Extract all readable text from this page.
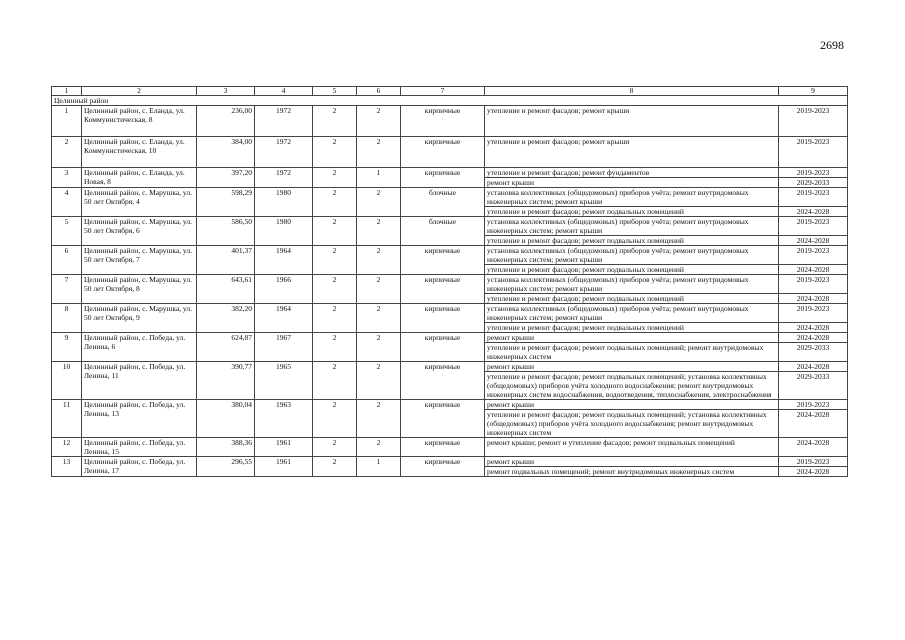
2698
1	2	3	4	5	6	7	8	9
Целинный район								
1	Целинный район, с. Еланда, ул. Коммунистическая, 8	236,00	1972	2	2	кирпичные	утепление и ремонт фасадов; ремонт крыши	2019-2023
2	Целинный район, с. Еланда, ул. Коммунистическая, 10	384,00	1972	2	2	кирпичные	утепление и ремонт фасадов; ремонт крыши	2019-2023
3	Целинный район, с. Еланда, ул. Новая, 8	397,20	1972	2	1	кирпичные	утепление и ремонт фасадов; ремонт фундаментов	2019-2023
							ремонт крыши	2029-2033
4	Целинный район, с. Марушка, ул. 50 лет Октября, 4	598,29	1980	2	2	блочные	установка коллективных (общедомовых) приборов учёта; ремонт внутридомовых инженерных систем; ремонт крыши	2019-2023
							утепление и ремонт фасадов; ремонт подвальных помещений	2024-2028
5	Целинный район, с. Марушка, ул. 50 лет Октября, 6	586,50	1980	2	2	блочные	установка коллективных (общедомовых) приборов учёта; ремонт внутридомовых инженерных систем; ремонт крыши	2019-2023
							утепление и ремонт фасадов; ремонт подвальных помещений	2024-2028
6	Целинный район, с. Марушка, ул. 50 лет Октября, 7	401,37	1964	2	2	кирпичные	установка коллективных (общедомовых) приборов учёта; ремонт внутридомовых инженерных систем; ремонт крыши	2019-2023
							утепление и ремонт фасадов; ремонт подвальных помещений	2024-2028
7	Целинный район, с. Марушка, ул. 50 лет Октября, 8	643,61	1966	2	2	кирпичные	установка коллективных (общедомовых) приборов учёта; ремонт внутридомовых инженерных систем; ремонт крыши	2019-2023
							утепление и ремонт фасадов; ремонт подвальных помещений	2024-2028
8	Целинный район, с. Марушка, ул. 50 лет Октября, 9	382,20	1964	2	2	кирпичные	установка коллективных (общедомовых) приборов учёта; ремонт внутридомовых инженерных систем; ремонт крыши	2019-2023
							утепление и ремонт фасадов; ремонт подвальных помещений	2024-2028
9	Целинный район, с. Победа, ул. Ленина, 6	624,87	1967	2	2	кирпичные	ремонт крыши	2024-2028
							утепление и ремонт фасадов; ремонт подвальных помещений; ремонт внутридомовых инженерных систем	2029-2033
10	Целинный район, с. Победа, ул. Ленина, 11	390,77	1965	2	2	кирпичные	ремонт крыши	2024-2028
							утепление и ремонт фасадов; ремонт подвальных помещений; установка коллективных (общедомовых) приборов учёта холодного водоснабжения; ремонт внутридомовых инженерных систем водоснабжения, водоотведения, теплоснабжения, электроснабжения	2029-2033
11	Целинный район, с. Победа, ул. Ленина, 13	380,04	1963	2	2	кирпичные	ремонт крыши	2019-2023
							утепление и ремонт фасадов; ремонт подвальных помещений; установка коллективных (общедомовых) приборов учёта холодного водоснабжения; ремонт внутридомовых инженерных систем	2024-2028
12	Целинный район, с. Победа, ул. Ленина, 15	388,36	1961	2	2	кирпичные	ремонт крыши; ремонт и утепление фасадов; ремонт подвальных помещений	2024-2028
13	Целинный район, с. Победа, ул. Ленина, 17	296,55	1961	2	1	кирпичные	ремонт крыши	2019-2023
							ремонт подвальных помещений; ремонт внутридомовых инженерных систем	2024-2028
